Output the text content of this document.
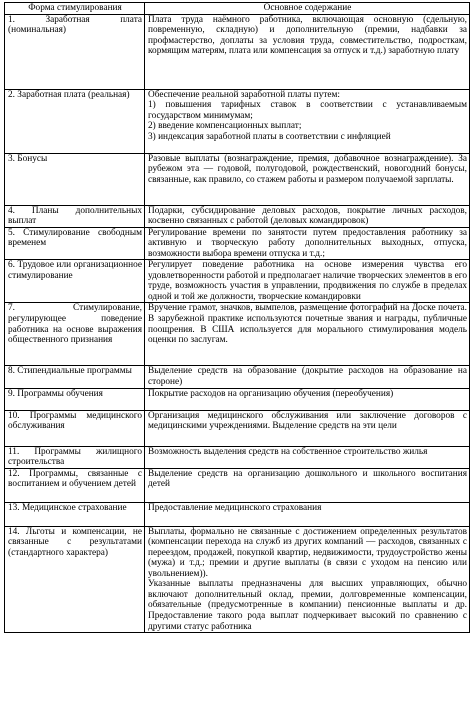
Форма стимулирования	Основное содержание
1. Заработная плата (номинальная)	Плата труда наёмного работника, включающая основную (сдельную, повременную, складную) и дополнительную (премии, надбавки за профмастерство, доплаты за условия труда, совместительство, подросткам, кормящим матерям, плата или компенсация за отпуск и т.д.) заработную плату
2. Заработная плата (реальная)	Обеспечение реальной заработной платы путем:
1) повышения тарифных ставок в соответствии с устанавливаемым государством минимумам;
2) введение компенсационных выплат;
3) индексация заработной платы в соответствии с инфляцией

3. Бонусы	Разовые выплаты (вознаграждение, премия, добавочное вознаграждение). За рубежом эта — годовой, полугодовой, рождественский, новогодний бонусы, связанные, как правило, со стажем работы и размером получаемой зарплаты.
4. Планы дополнительных выплат	Подарки, субсидирование деловых расходов, покрытие личных расходов, косвенно связанных с работой (деловых командировок)
5. Стимулирование свободным временем	Регулирование времени по занятости путем предоставления работнику за активную и творческую работу дополнительных выходных, отпуска, возможности выбора времени отпуска и т.д.;
6. Трудовое или организационное стимулирование	Регулирует поведение работника на основе измерения чувства его удовлетворенности работой и предполагает наличие творческих элементов в его труде, возможность участия в управлении, продвижения по службе в пределах одной и той же должности, творческие командировки
7. Стимулирование, регулирующее поведение работника на основе выражения общественного признания	Вручение грамот, значков, вымпелов, размещение фотографий на Доске почета. В зарубежной практике используются почетные звания и награды, публичные поощрения. В США используется для морального стимулирования модель оценки по заслугам.
8. Стипендиальные программы	Выделение средств на образование (докрытие расходов на образование на стороне)
9. Программы обучения	Покрытие расходов на организацию обучения (переобучения)
10. Программы медицинского обслуживания	Организация медицинского обслуживания или заключение договоров с медицинскими учреждениями. Выделение средств на эти цели
11. Программы жилищного строительства	Возможность выделения средств на собственное строительство жилья
12. Программы, связанные с воспитанием и обучением детей	Выделение средств на организацию дошкольного и школьного воспитания детей
13. Медицинское страхование	Предоставление медицинского страхования
14. Льготы и компенсации, не связанные с результатами (стандартного характера)	Выплаты, формально не связанные с достижением определенных результатов (компенсации перехода на служб из других компаний — расходов, связанных с переездом, продажей, покупкой квартир, недвижимости, трудоустройство жены (мужа) и т.д.; премии и другие выплаты (в связи с уходом на пенсию или увольнением)).
Указанные выплаты предназначены для высших управляющих, обычно включают дополнительный оклад, премии, долговременные компенсации, обязательные (предусмотренные в компании) пенсионные выплаты и др. Предоставление такого рода выплат подчеркивает высокий по сравнению с другими статус работника
